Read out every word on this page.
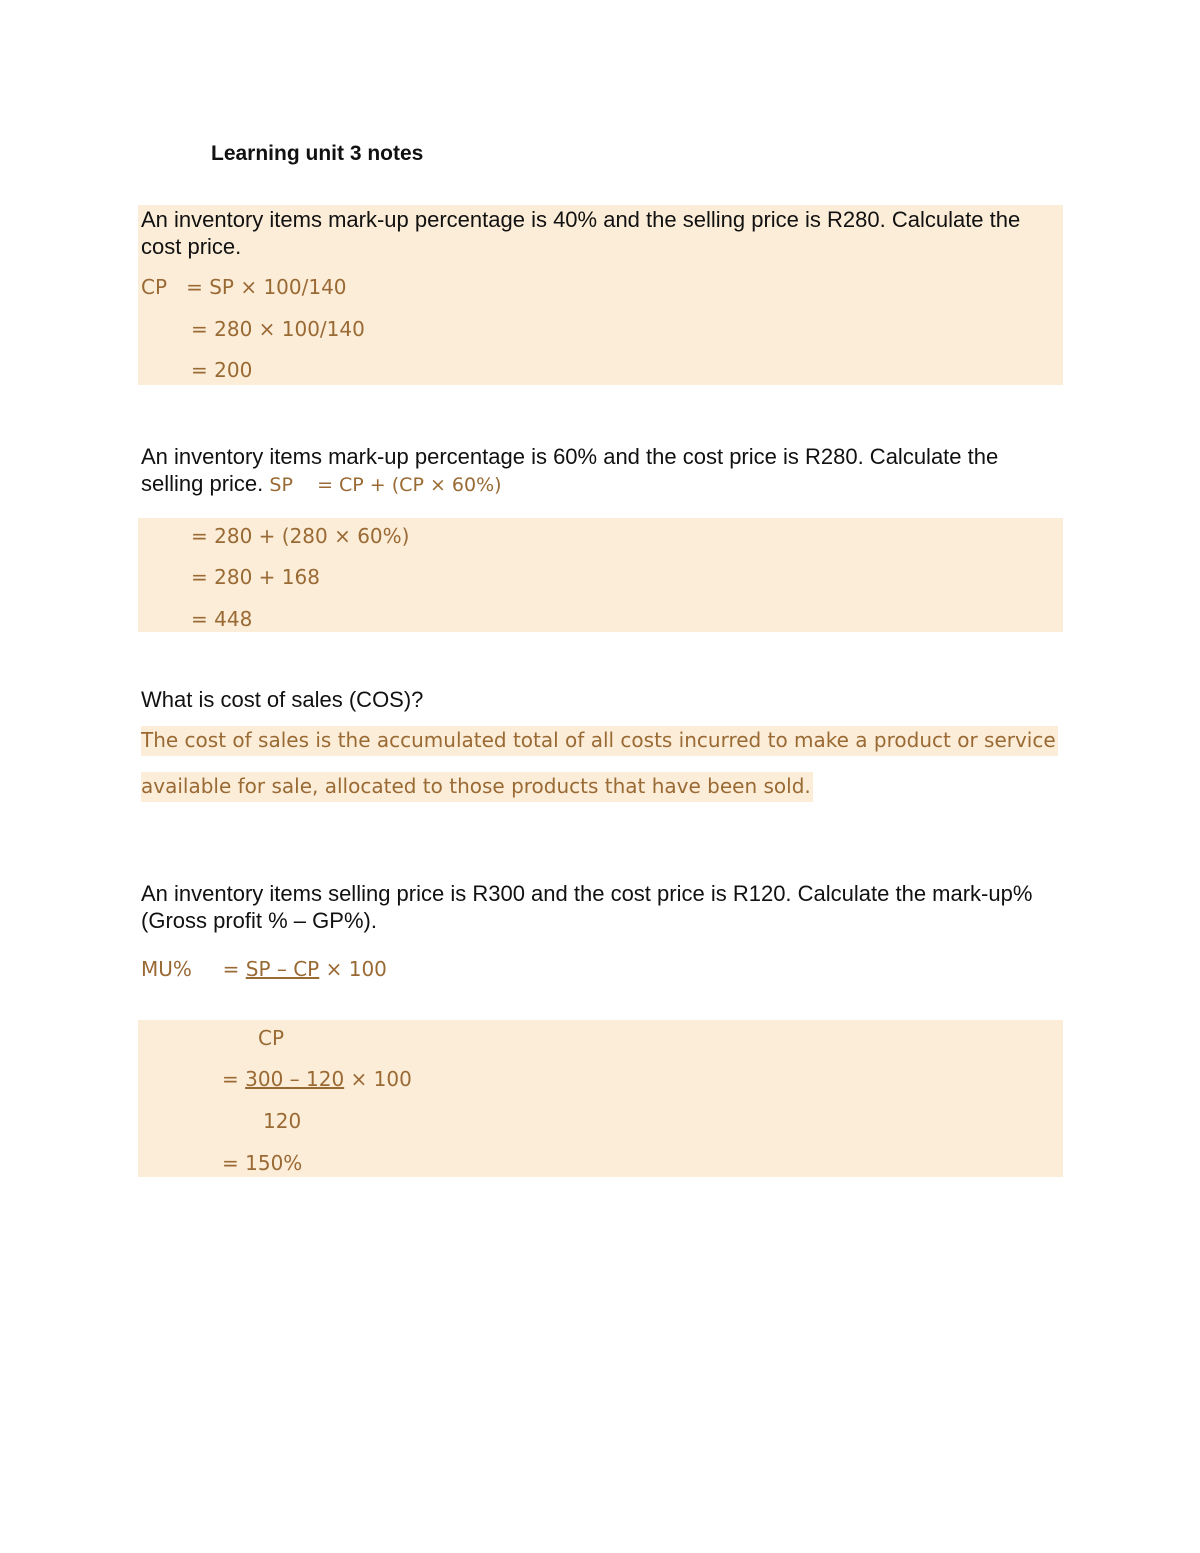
Learning unit 3 notes

An inventory items mark-up percentage is 40% and the selling price is R280. Calculate the cost price.

CP   = SP × 100/140

= 280 × 100/140

= 200

An inventory items mark-up percentage is 60% and the cost price is R280. Calculate the selling price. SP    = CP + (CP × 60%)

= 280 + (280 × 60%)

= 280 + 168

= 448

What is cost of sales (COS)?

The cost of sales is the accumulated total of all costs incurred to make a product or service

available for sale, allocated to those products that have been sold.

An inventory items selling price is R300 and the cost price is R120. Calculate the mark-up% (Gross profit % – GP%).

MU% = SP – CP × 100

CP

= 300 – 120 × 100

120

= 150%
